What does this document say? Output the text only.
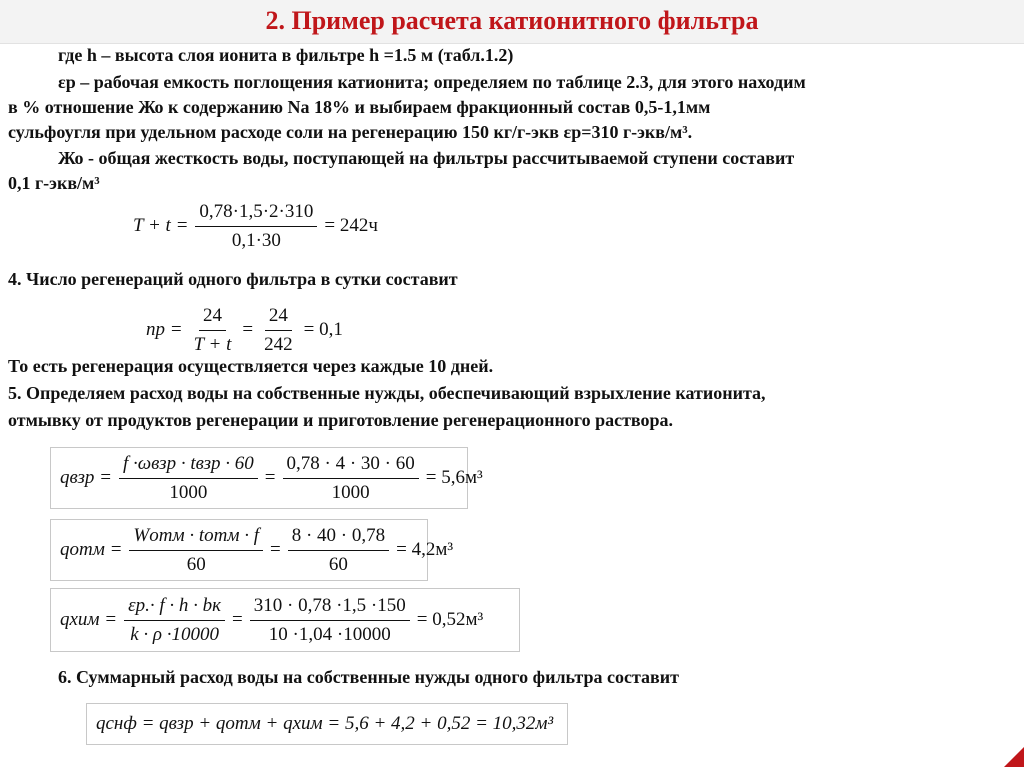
2. Пример расчета катионитного фильтра
где h – высота слоя ионита в фильтре h =1.5 м (табл.1.2)
εр – рабочая емкость поглощения катионита; определяем по таблице 2.3, для этого находим
в % отношение Жо к содержанию Na 18% и выбираем фракционный состав 0,5-1,1мм
сульфоугля при удельном расходе соли на регенерацию 150 кг/г-экв εр=310 г-экв/м³.
Жо - общая жесткость воды, поступающей на фильтры рассчитываемой ступени составит
0,1 г-экв/м³
$T + t = \frac{0,78\cdot 1,5\cdot 2\cdot 310}{0,1\cdot 30} = 242ч$
4. Число регенераций одного фильтра в сутки составит
nр = $\frac{24}{T + t} = \frac{24}{242} = 0,1$
То есть регенерация осуществляется через каждые 10 дней.
5. Определяем расход воды на собственные нужды, обеспечивающий взрыхление катионита,
отмывку от продуктов регенерации и приготовление регенерационного раствора.
qвзр = $\frac{\text{f ·ωвзр · tвзр · 60}}{1000} = \frac{0,78 \cdot 4 \cdot 30 \cdot 60}{1000} = 5,6м^3$
qотм = $\frac{\text{Wотм · tотм · f}}{60} = \frac{8 \cdot 40 \cdot 0,78}{60} = 4,2м^3$
qхим = $\frac{\varepsilon р.\cdot f \cdot h \cdot bк}{k \cdot \rho \cdot 10000} = \frac{310 \cdot 0,78 \cdot 1,5 \cdot 150}{10 \cdot 1,04 \cdot 10000} = 0,52м^3$
6. Суммарный расход воды на собственные нужды одного фильтра составит
qснф = qвзр + qотм + qхим = 5,6 + 4,2 + 0,52 = 10,32м³
